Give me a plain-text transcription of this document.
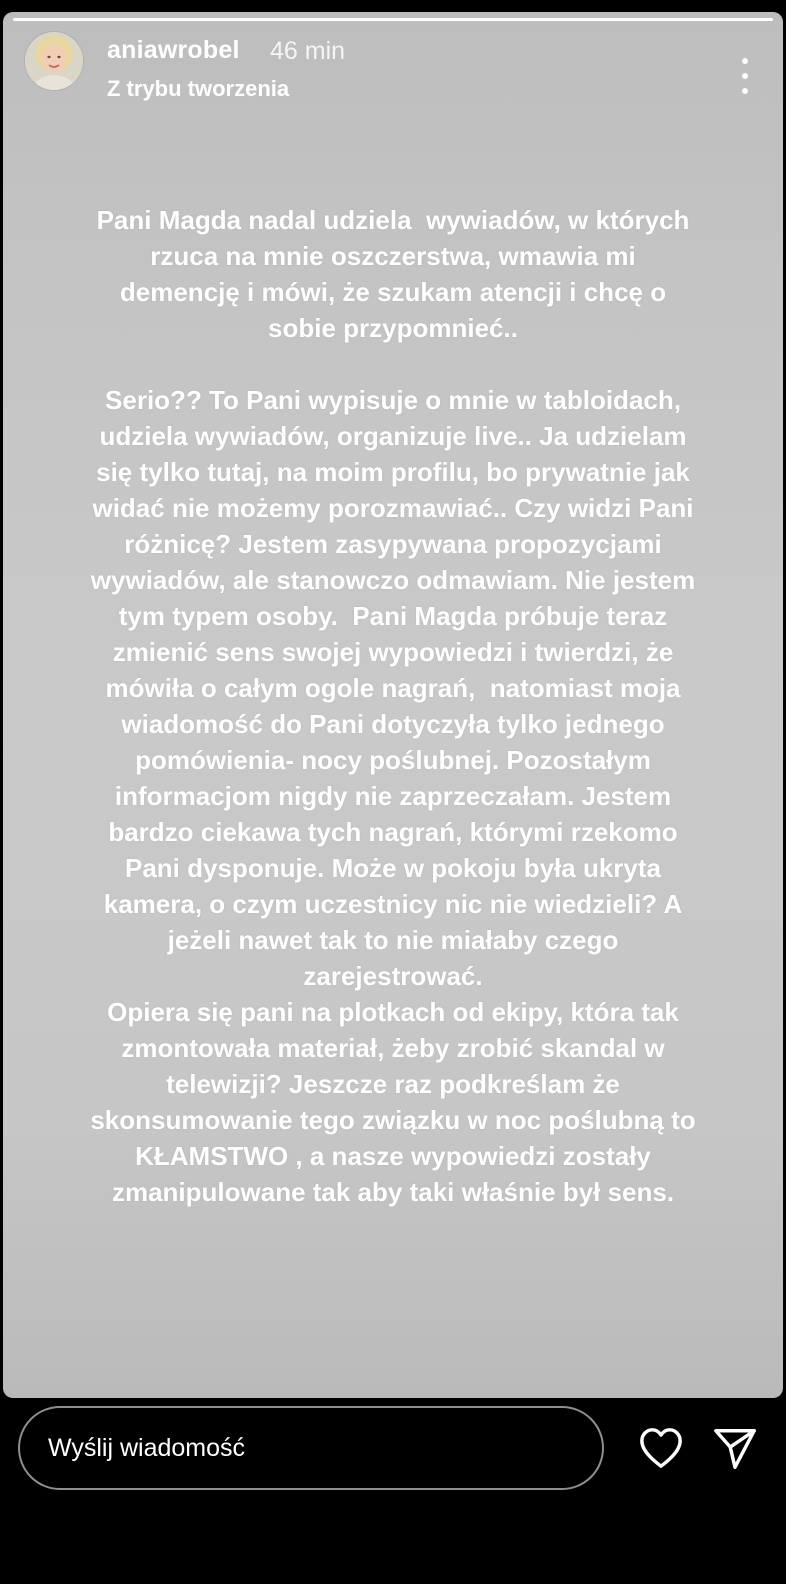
aniawrobel 46 min
Z trybu tworzenia
Pani Magda nadal udziela  wywiadów, w których
rzuca na mnie oszczerstwa, wmawia mi
demencję i mówi, że szukam atencji i chcę o
sobie przypomnieć..

Serio?? To Pani wypisuje o mnie w tabloidach,
udziela wywiadów, organizuje live.. Ja udzielam
się tylko tutaj, na moim profilu, bo prywatnie jak
widać nie możemy porozmawiać.. Czy widzi Pani
różnicę? Jestem zasypywana propozycjami
wywiadów, ale stanowczo odmawiam. Nie jestem
tym typem osoby.  Pani Magda próbuje teraz
zmienić sens swojej wypowiedzi i twierdzi, że
mówiła o całym ogole nagrań,  natomiast moja
wiadomość do Pani dotyczyła tylko jednego
pomówienia- nocy poślubnej. Pozostałym
informacjom nigdy nie zaprzeczałam. Jestem
bardzo ciekawa tych nagrań, którymi rzekomo
Pani dysponuje. Może w pokoju była ukryta
kamera, o czym uczestnicy nic nie wiedzieli? A
jeżeli nawet tak to nie miałaby czego
zarejestrować.
Opiera się pani na plotkach od ekipy, która tak
zmontowała materiał, żeby zrobić skandal w
telewizji? Jeszcze raz podkreślam że
skonsumowanie tego związku w noc poślubną to
KŁAMSTWO , a nasze wypowiedzi zostały
zmanipulowane tak aby taki właśnie był sens.
Wyślij wiadomość
